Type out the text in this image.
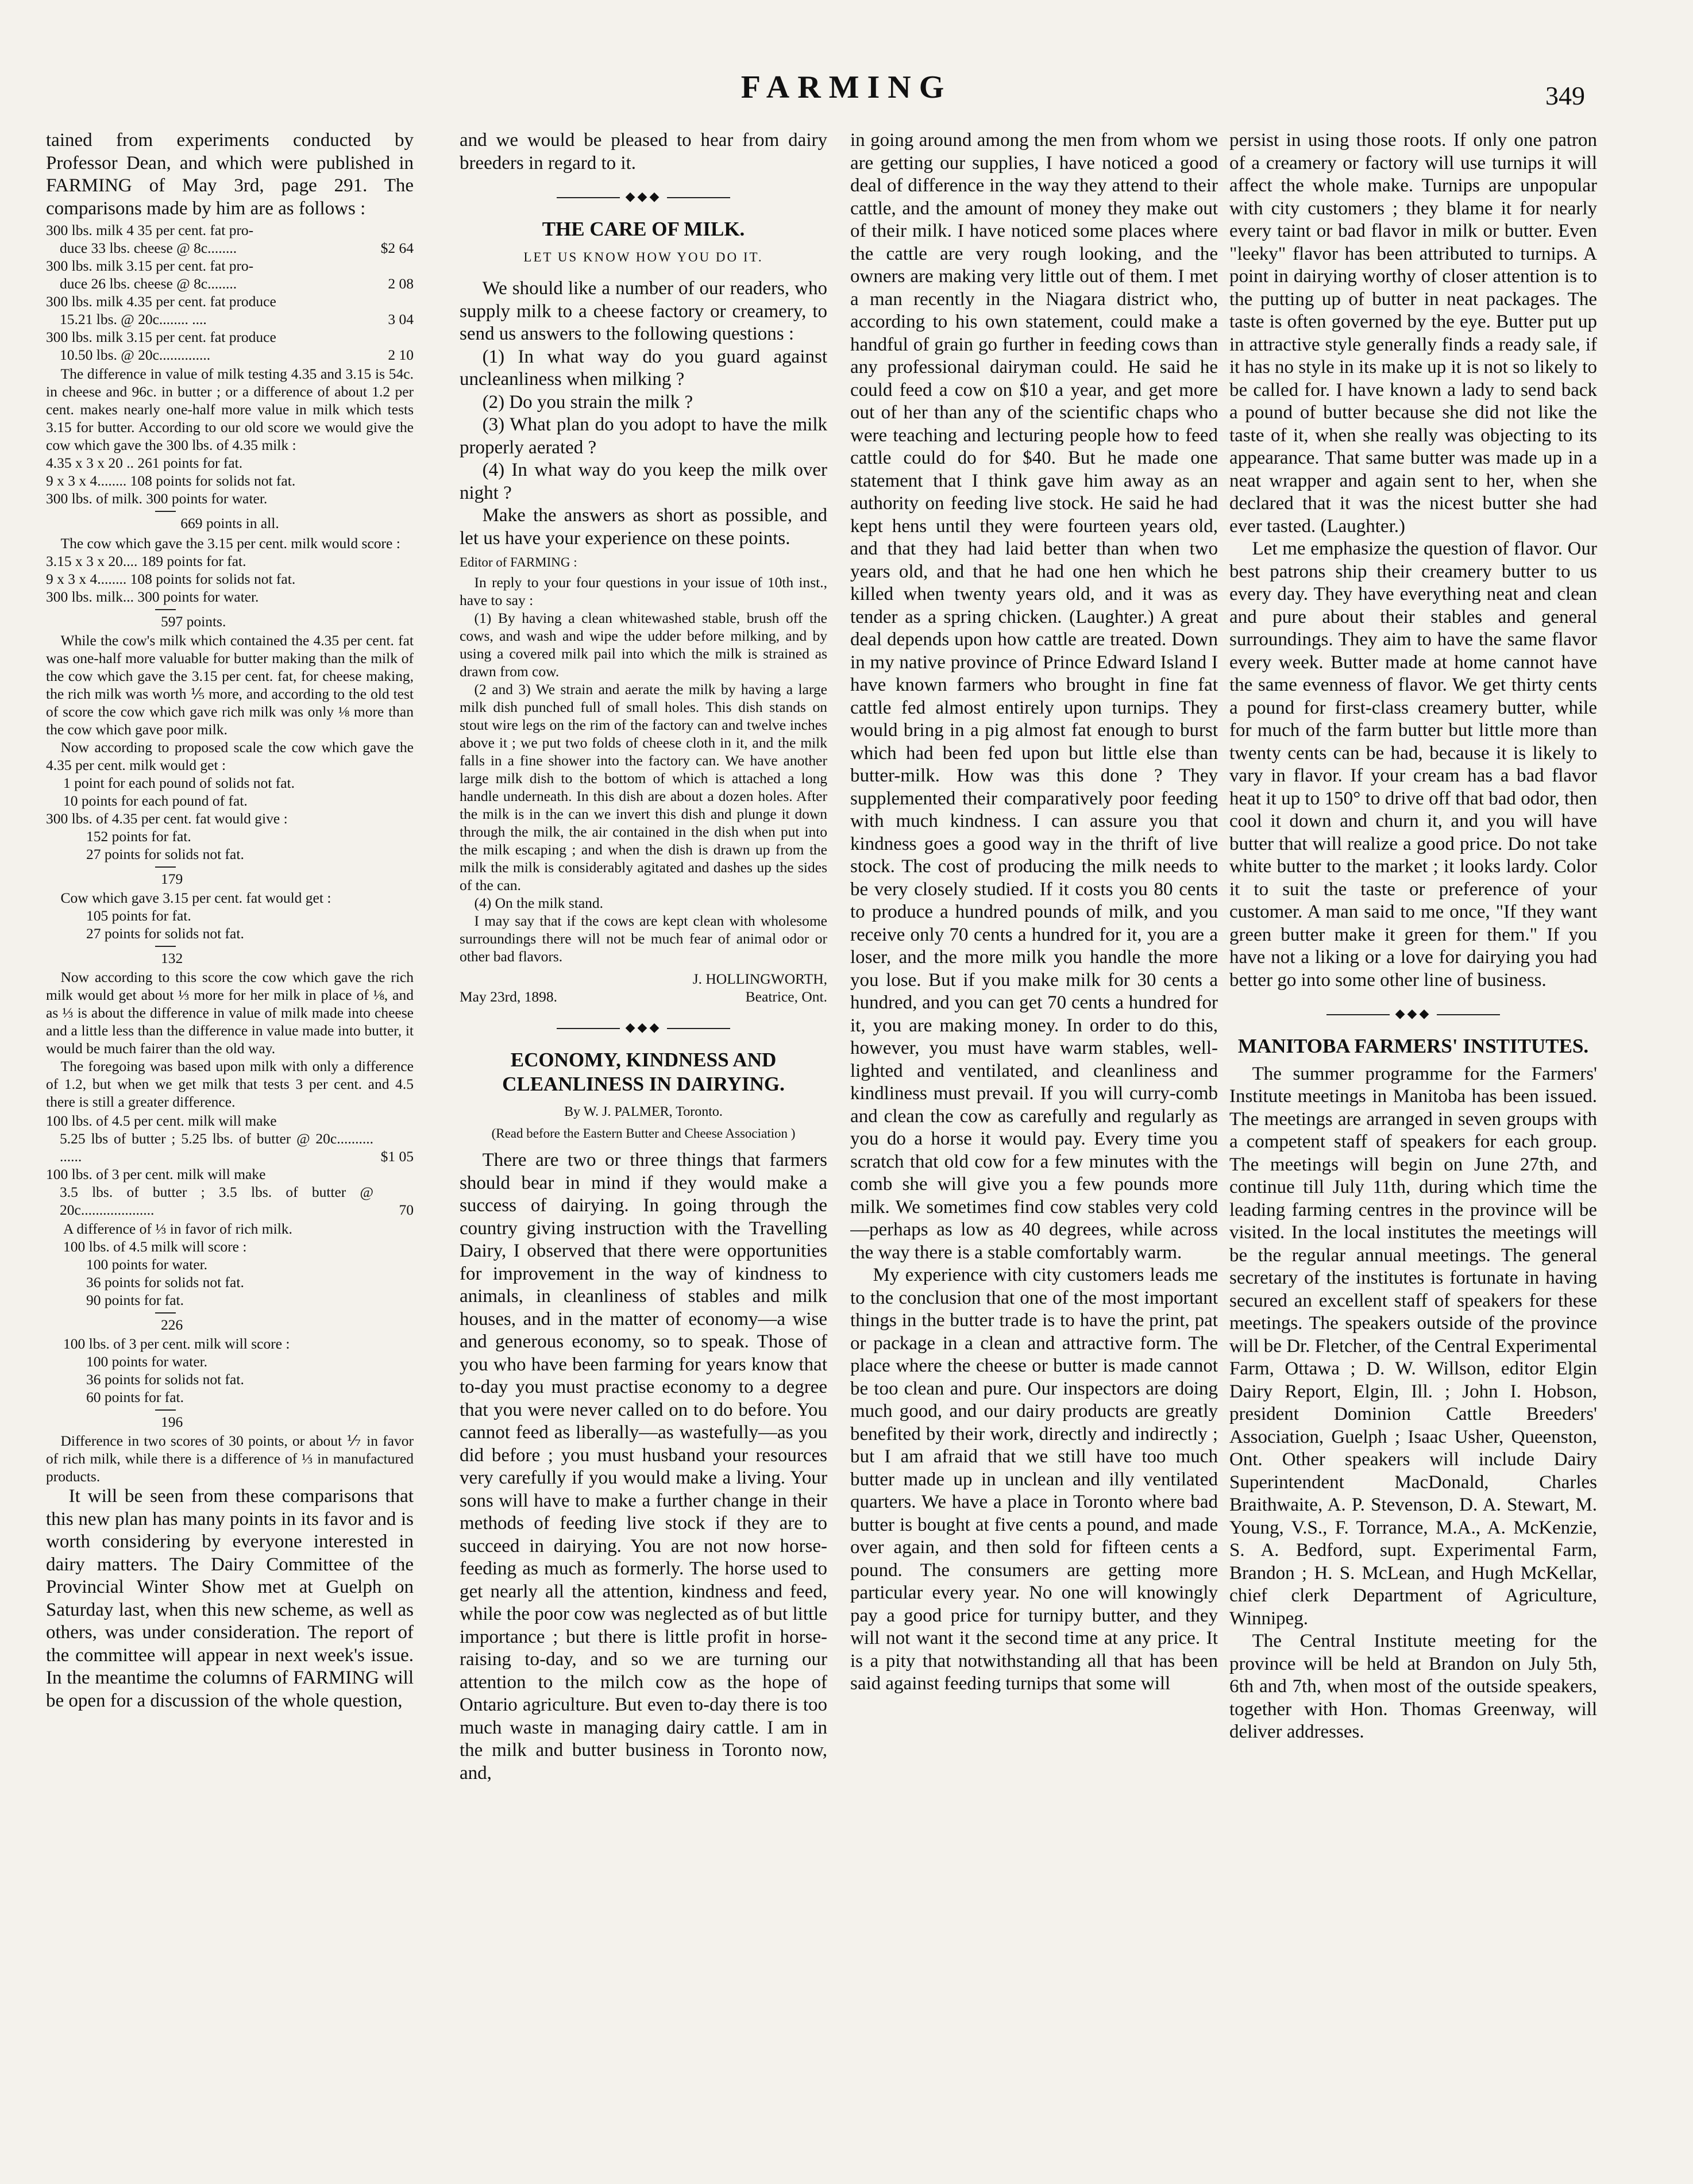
FARMING	349

tained from experiments conducted by Professor Dean, and which were published in FARMING of May 3rd, page 291. The comparisons made by him are as follows :

300 lbs. milk 4 35 per cent. fat pro-	
duce 33 lbs. cheese @ 8c........	$2 64
300 lbs. milk 3.15 per cent. fat pro-	
duce 26 lbs. cheese @ 8c........	2 08
300 lbs. milk 4.35 per cent. fat produce	
15.21 lbs. @ 20c........ ....	3 04
300 lbs. milk 3.15 per cent. fat produce	
10.50 lbs. @ 20c..............	2 10

The difference in value of milk testing 4.35 and 3.15 is 54c. in cheese and 96c. in butter ; or a difference of about 1.2 per cent. makes nearly one-half more value in milk which tests 3.15 for butter. According to our old score we would give the cow which gave the 300 lbs. of 4.35 milk :

4.35 x 3 x 20 .. 261 points for fat.
9 x 3 x 4........ 108 points for solids not fat.
300 lbs. of milk. 300 points for water.
669 points in all.

The cow which gave the 3.15 per cent. milk would score :

3.15 x 3 x 20.... 189 points for fat.
9 x 3 x 4........ 108 points for solids not fat.
300 lbs. milk... 300 points for water.
597 points.

While the cow's milk which contained the 4.35 per cent. fat was one-half more valuable for butter making than the milk of the cow which gave the 3.15 per cent. fat, for cheese making, the rich milk was worth ⅕ more, and according to the old test of score the cow which gave rich milk was only ⅛ more than the cow which gave poor milk.

Now according to proposed scale the cow which gave the 4.35 per cent. milk would get :

1 point for each pound of solids not fat.
10 points for each pound of fat.
300 lbs. of 4.35 per cent. fat would give :
152 points for fat.
27 points for solids not fat.
179

Cow which gave 3.15 per cent. fat would get :

105 points for fat.
27 points for solids not fat.
132

Now according to this score the cow which gave the rich milk would get about ⅓ more for her milk in place of ⅛, and as ⅓ is about the difference in value of milk made into cheese and a little less than the difference in value made into butter, it would be much fairer than the old way.

The foregoing was based upon milk with only a difference of 1.2, but when we get milk that tests 3 per cent. and 4.5 there is still a greater difference.

100 lbs. of 4.5 per cent. milk will make	
5.25 lbs of butter ; 5.25 lbs. of butter @ 20c.......... ......	$1 05
100 lbs. of 3 per cent. milk will make	
3.5 lbs. of butter ; 3.5 lbs. of butter @ 20c....................	70
A difference of ⅓ in favor of rich milk.
100 lbs. of 4.5 milk will score :
100 points for water.
36 points for solids not fat.
90 points for fat.
226
100 lbs. of 3 per cent. milk will score :
100 points for water.
36 points for solids not fat.
60 points for fat.
196

Difference in two scores of 30 points, or about ⅐ in favor of rich milk, while there is a difference of ⅓ in manufactured products.

It will be seen from these comparisons that this new plan has many points in its favor and is worth considering by everyone interested in dairy matters. The Dairy Committee of the Provincial Winter Show met at Guelph on Saturday last, when this new scheme, as well as others, was under consideration. The report of the committee will appear in next week's issue. In the meantime the columns of FARMING will be open for a discussion of the whole question,

and we would be pleased to hear from dairy breeders in regard to it.

◆◆◆
THE CARE OF MILK.
LET US KNOW HOW YOU DO IT.

We should like a number of our readers, who supply milk to a cheese factory or creamery, to send us answers to the following questions :

(1) In what way do you guard against uncleanliness when milking ?

(2) Do you strain the milk ?

(3) What plan do you adopt to have the milk properly aerated ?

(4) In what way do you keep the milk over night ?

Make the answers as short as possible, and let us have your experience on these points.

Editor of FARMING :

In reply to your four questions in your issue of 10th inst., have to say :

(1) By having a clean whitewashed stable, brush off the cows, and wash and wipe the udder before milking, and by using a covered milk pail into which the milk is strained as drawn from cow.

(2 and 3) We strain and aerate the milk by having a large milk dish punched full of small holes. This dish stands on stout wire legs on the rim of the factory can and twelve inches above it ; we put two folds of cheese cloth in it, and the milk falls in a fine shower into the factory can. We have another large milk dish to the bottom of which is attached a long handle underneath. In this dish are about a dozen holes. After the milk is in the can we invert this dish and plunge it down through the milk, the air contained in the dish when put into the milk escaping ; and when the dish is drawn up from the milk the milk is considerably agitated and dashes up the sides of the can.

(4) On the milk stand.

I may say that if the cows are kept clean with wholesome surroundings there will not be much fear of animal odor or other bad flavors.

J. HOLLINGWORTH,
May 23rd, 1898.	Beatrice, Ont.
◆◆◆
ECONOMY, KINDNESS AND CLEANLINESS IN DAIRYING.
By W. J. PALMER, Toronto.
(Read before the Eastern Butter and Cheese Association )

There are two or three things that farmers should bear in mind if they would make a success of dairying. In going through the country giving instruction with the Travelling Dairy, I observed that there were opportunities for improvement in the way of kindness to animals, in cleanliness of stables and milk houses, and in the matter of economy—a wise and generous economy, so to speak. Those of you who have been farming for years know that to-day you must practise economy to a degree that you were never called on to do before. You cannot feed as liberally—as wastefully—as you did before ; you must husband your resources very carefully if you would make a living. Your sons will have to make a further change in their methods of feeding live stock if they are to succeed in dairying. You are not now horse-feeding as much as formerly. The horse used to get nearly all the attention, kindness and feed, while the poor cow was neglected as of but little importance ; but there is little profit in horse-raising to-day, and so we are turning our attention to the milch cow as the hope of Ontario agriculture. But even to-day there is too much waste in managing dairy cattle. I am in the milk and butter business in Toronto now, and,

in going around among the men from whom we are getting our supplies, I have noticed a good deal of difference in the way they attend to their cattle, and the amount of money they make out of their milk. I have noticed some places where the cattle are very rough looking, and the owners are making very little out of them. I met a man recently in the Niagara district who, according to his own statement, could make a handful of grain go further in feeding cows than any professional dairyman could. He said he could feed a cow on $10 a year, and get more out of her than any of the scientific chaps who were teaching and lecturing people how to feed cattle could do for $40. But he made one statement that I think gave him away as an authority on feeding live stock. He said he had kept hens until they were fourteen years old, and that they had laid better than when two years old, and that he had one hen which he killed when twenty years old, and it was as tender as a spring chicken. (Laughter.) A great deal depends upon how cattle are treated. Down in my native province of Prince Edward Island I have known farmers who brought in fine fat cattle fed almost entirely upon turnips. They would bring in a pig almost fat enough to burst which had been fed upon but little else than butter-milk. How was this done ? They supplemented their comparatively poor feeding with much kindness. I can assure you that kindness goes a good way in the thrift of live stock. The cost of producing the milk needs to be very closely studied. If it costs you 80 cents to produce a hundred pounds of milk, and you receive only 70 cents a hundred for it, you are a loser, and the more milk you handle the more you lose. But if you make milk for 30 cents a hundred, and you can get 70 cents a hundred for it, you are making money. In order to do this, however, you must have warm stables, well-lighted and ventilated, and cleanliness and kindliness must prevail. If you will curry-comb and clean the cow as carefully and regularly as you do a horse it would pay. Every time you scratch that old cow for a few minutes with the comb she will give you a few pounds more milk. We sometimes find cow stables very cold—perhaps as low as 40 degrees, while across the way there is a stable comfortably warm.

My experience with city customers leads me to the conclusion that one of the most important things in the butter trade is to have the print, pat or package in a clean and attractive form. The place where the cheese or butter is made cannot be too clean and pure. Our inspectors are doing much good, and our dairy products are greatly benefited by their work, directly and indirectly ; but I am afraid that we still have too much butter made up in unclean and illy ventilated quarters. We have a place in Toronto where bad butter is bought at five cents a pound, and made over again, and then sold for fifteen cents a pound. The consumers are getting more particular every year. No one will knowingly pay a good price for turnipy butter, and they will not want it the second time at any price. It is a pity that notwithstanding all that has been said against feeding turnips that some will

persist in using those roots. If only one patron of a creamery or factory will use turnips it will affect the whole make. Turnips are unpopular with city customers ; they blame it for nearly every taint or bad flavor in milk or butter. Even "leeky" flavor has been attributed to turnips. A point in dairying worthy of closer attention is to the putting up of butter in neat packages. The taste is often governed by the eye. Butter put up in attractive style generally finds a ready sale, if it has no style in its make up it is not so likely to be called for. I have known a lady to send back a pound of butter because she did not like the taste of it, when she really was objecting to its appearance. That same butter was made up in a neat wrapper and again sent to her, when she declared that it was the nicest butter she had ever tasted. (Laughter.)

Let me emphasize the question of flavor. Our best patrons ship their creamery butter to us every day. They have everything neat and clean and pure about their stables and general surroundings. They aim to have the same flavor every week. Butter made at home cannot have the same evenness of flavor. We get thirty cents a pound for first-class creamery butter, while for much of the farm butter but little more than twenty cents can be had, because it is likely to vary in flavor. If your cream has a bad flavor heat it up to 150° to drive off that bad odor, then cool it down and churn it, and you will have butter that will realize a good price. Do not take white butter to the market ; it looks lardy. Color it to suit the taste or preference of your customer. A man said to me once, "If they want green butter make it green for them." If you have not a liking or a love for dairying you had better go into some other line of business.

◆◆◆
MANITOBA FARMERS' INSTITUTES.

The summer programme for the Farmers' Institute meetings in Manitoba has been issued. The meetings are arranged in seven groups with a competent staff of speakers for each group. The meetings will begin on June 27th, and continue till July 11th, during which time the leading farming centres in the province will be visited. In the local institutes the meetings will be the regular annual meetings. The general secretary of the institutes is fortunate in having secured an excellent staff of speakers for these meetings. The speakers outside of the province will be Dr. Fletcher, of the Central Experimental Farm, Ottawa ; D. W. Willson, editor Elgin Dairy Report, Elgin, Ill. ; John I. Hobson, president Dominion Cattle Breeders' Association, Guelph ; Isaac Usher, Queenston, Ont. Other speakers will include Dairy Superintendent MacDonald, Charles Braithwaite, A. P. Stevenson, D. A. Stewart, M. Young, V.S., F. Torrance, M.A., A. McKenzie, S. A. Bedford, supt. Experimental Farm, Brandon ; H. S. McLean, and Hugh McKellar, chief clerk Department of Agriculture, Winnipeg.

The Central Institute meeting for the province will be held at Brandon on July 5th, 6th and 7th, when most of the outside speakers, together with Hon. Thomas Greenway, will deliver addresses.
